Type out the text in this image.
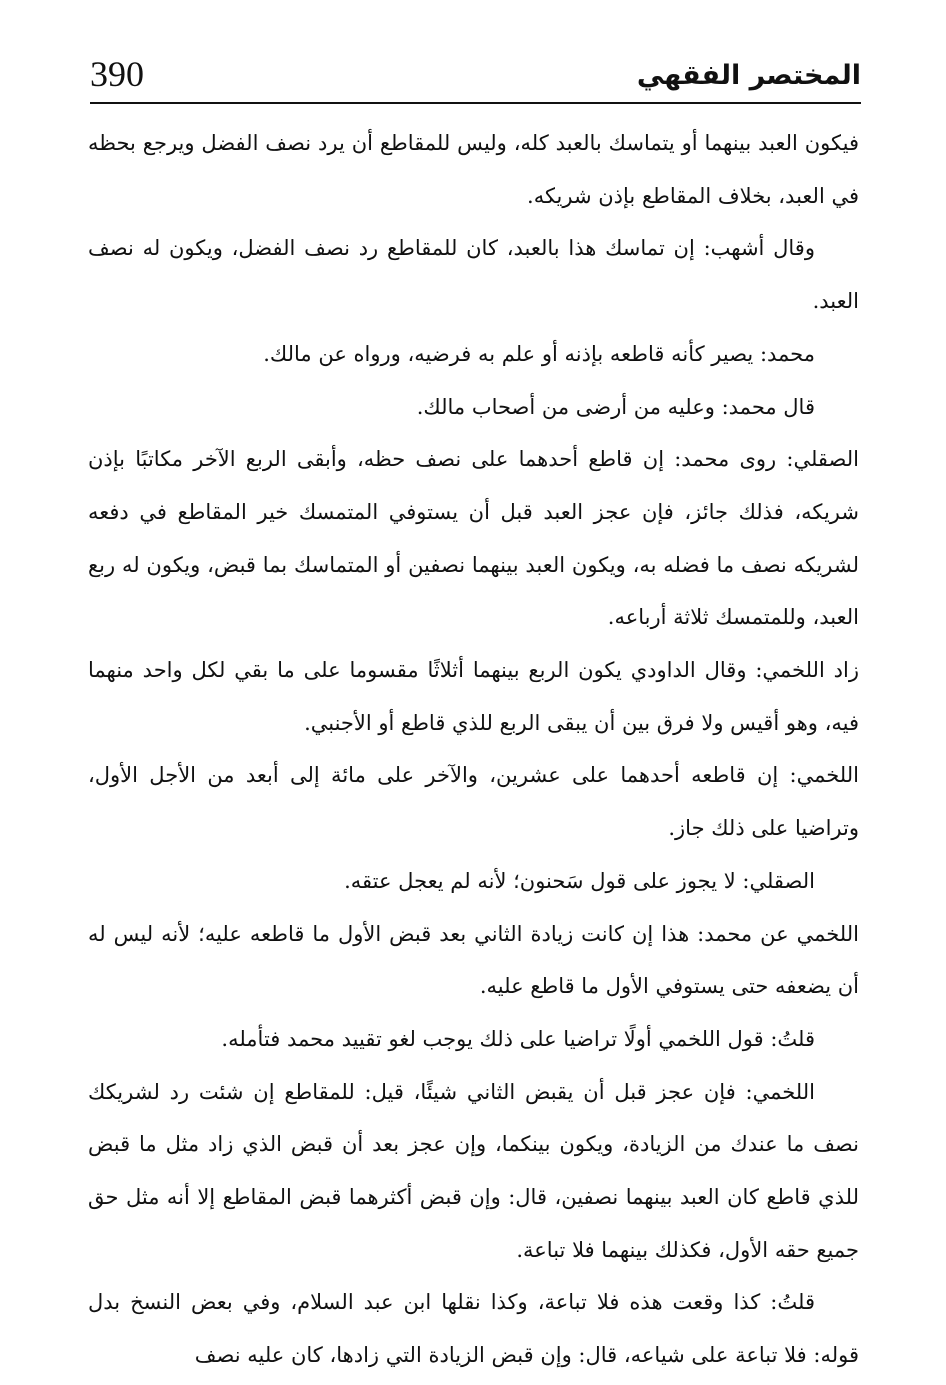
390	المختصر الفقهي

فيكون العبد بينهما أو يتماسك بالعبد كله، وليس للمقاطع أن يرد نصف الفضل ويرجع بحظه في العبد، بخلاف المقاطع بإذن شريكه.

وقال أشهب: إن تماسك هذا بالعبد، كان للمقاطع رد نصف الفضل، ويكون له نصف العبد.

محمد: يصير كأنه قاطعه بإذنه أو علم به فرضيه، ورواه عن مالك.

قال محمد: وعليه من أرضى من أصحاب مالك.

الصقلي: روى محمد: إن قاطع أحدهما على نصف حظه، وأبقى الربع الآخر مكاتبًا بإذن شريكه، فذلك جائز، فإن عجز العبد قبل أن يستوفي المتمسك خير المقاطع في دفعه لشريكه نصف ما فضله به، ويكون العبد بينهما نصفين أو المتماسك بما قبض، ويكون له ربع العبد، وللمتمسك ثلاثة أرباعه.

زاد اللخمي: وقال الداودي يكون الربع بينهما أثلاثًا مقسوما على ما بقي لكل واحد منهما فيه، وهو أقيس ولا فرق بين أن يبقى الربع للذي قاطع أو الأجنبي.

اللخمي: إن قاطعه أحدهما على عشرين، والآخر على مائة إلى أبعد من الأجل الأول، وتراضيا على ذلك جاز.

الصقلي: لا يجوز على قول سَحنون؛ لأنه لم يعجل عتقه.

اللخمي عن محمد: هذا إن كانت زيادة الثاني بعد قبض الأول ما قاطعه عليه؛ لأنه ليس له أن يضعفه حتى يستوفي الأول ما قاطع عليه.

قلتُ: قول اللخمي أولًا تراضيا على ذلك يوجب لغو تقييد محمد فتأمله.

اللخمي: فإن عجز قبل أن يقبض الثاني شيئًا، قيل: للمقاطع إن شئت رد لشريكك نصف ما عندك من الزيادة، ويكون بينكما، وإن عجز بعد أن قبض الذي زاد مثل ما قبض للذي قاطع كان العبد بينهما نصفين، قال: وإن قبض أكثرهما قبض المقاطع إلا أنه مثل حق جميع حقه الأول، فكذلك بينهما فلا تباعة.

قلتُ: كذا وقعت هذه فلا تباعة، وكذا نقلها ابن عبد السلام، وفي بعض النسخ بدل قوله: فلا تباعة على شياعه، قال: وإن قبض الزيادة التي زادها، كان عليه نصف
